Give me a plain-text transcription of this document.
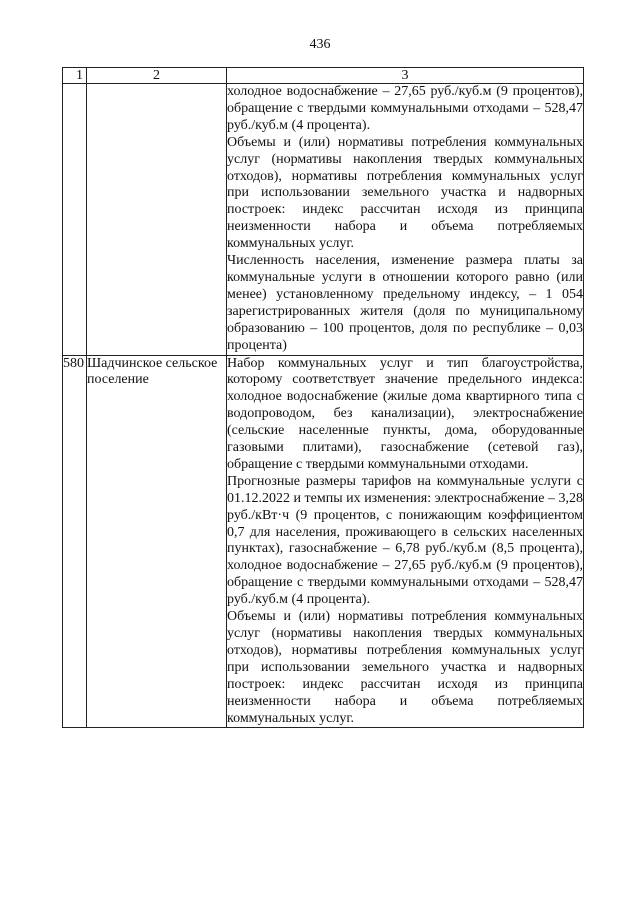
436
1	2	3

		холодное водоснабжение – 27,65 руб./куб.м (9 процентов), обращение с твердыми коммунальными отходами – 528,47 руб./куб.м (4 процента).

Объемы и (или) нормативы потребления коммунальных услуг (нормативы накопления твердых коммунальных отходов), нормативы потребления коммунальных услуг при использовании земельного участка и надворных построек: индекс рассчитан исходя из принципа неизменности набора и объема потребляемых коммунальных услуг.

Численность населения, изменение размера платы за коммунальные услуги в отношении которого равно (или менее) установленному предельному индексу, – 1 054 зарегистрированных жителя (доля по муниципальному образованию – 100 процентов, доля по республике – 0,03 процента)

580	Шадчинское сельское поселение	Набор коммунальных услуг и тип благоустройства, которому соответствует значение предельного индекса: холодное водоснабжение (жилые дома квартирного типа с водопроводом, без канализации), электроснабжение (сельские населенные пункты, дома, оборудованные газовыми плитами), газоснабжение (сетевой газ), обращение с твердыми коммунальными отходами.

Прогнозные размеры тарифов на коммунальные услуги с 01.12.2022 и темпы их изменения: электроснабжение – 3,28 руб./кВт·ч (9 процентов, с понижающим коэффициентом 0,7 для населения, проживающего в сельских населенных пунктах), газоснабжение – 6,78 руб./куб.м (8,5 процента), холодное водоснабжение – 27,65 руб./куб.м (9 процентов), обращение с твердыми коммунальными отходами – 528,47 руб./куб.м (4 процента).

Объемы и (или) нормативы потребления коммунальных услуг (нормативы накопления твердых коммунальных отходов), нормативы потребления коммунальных услуг при использовании земельного участка и надворных построек: индекс рассчитан исходя из принципа неизменности набора и объема потребляемых коммунальных услуг.
